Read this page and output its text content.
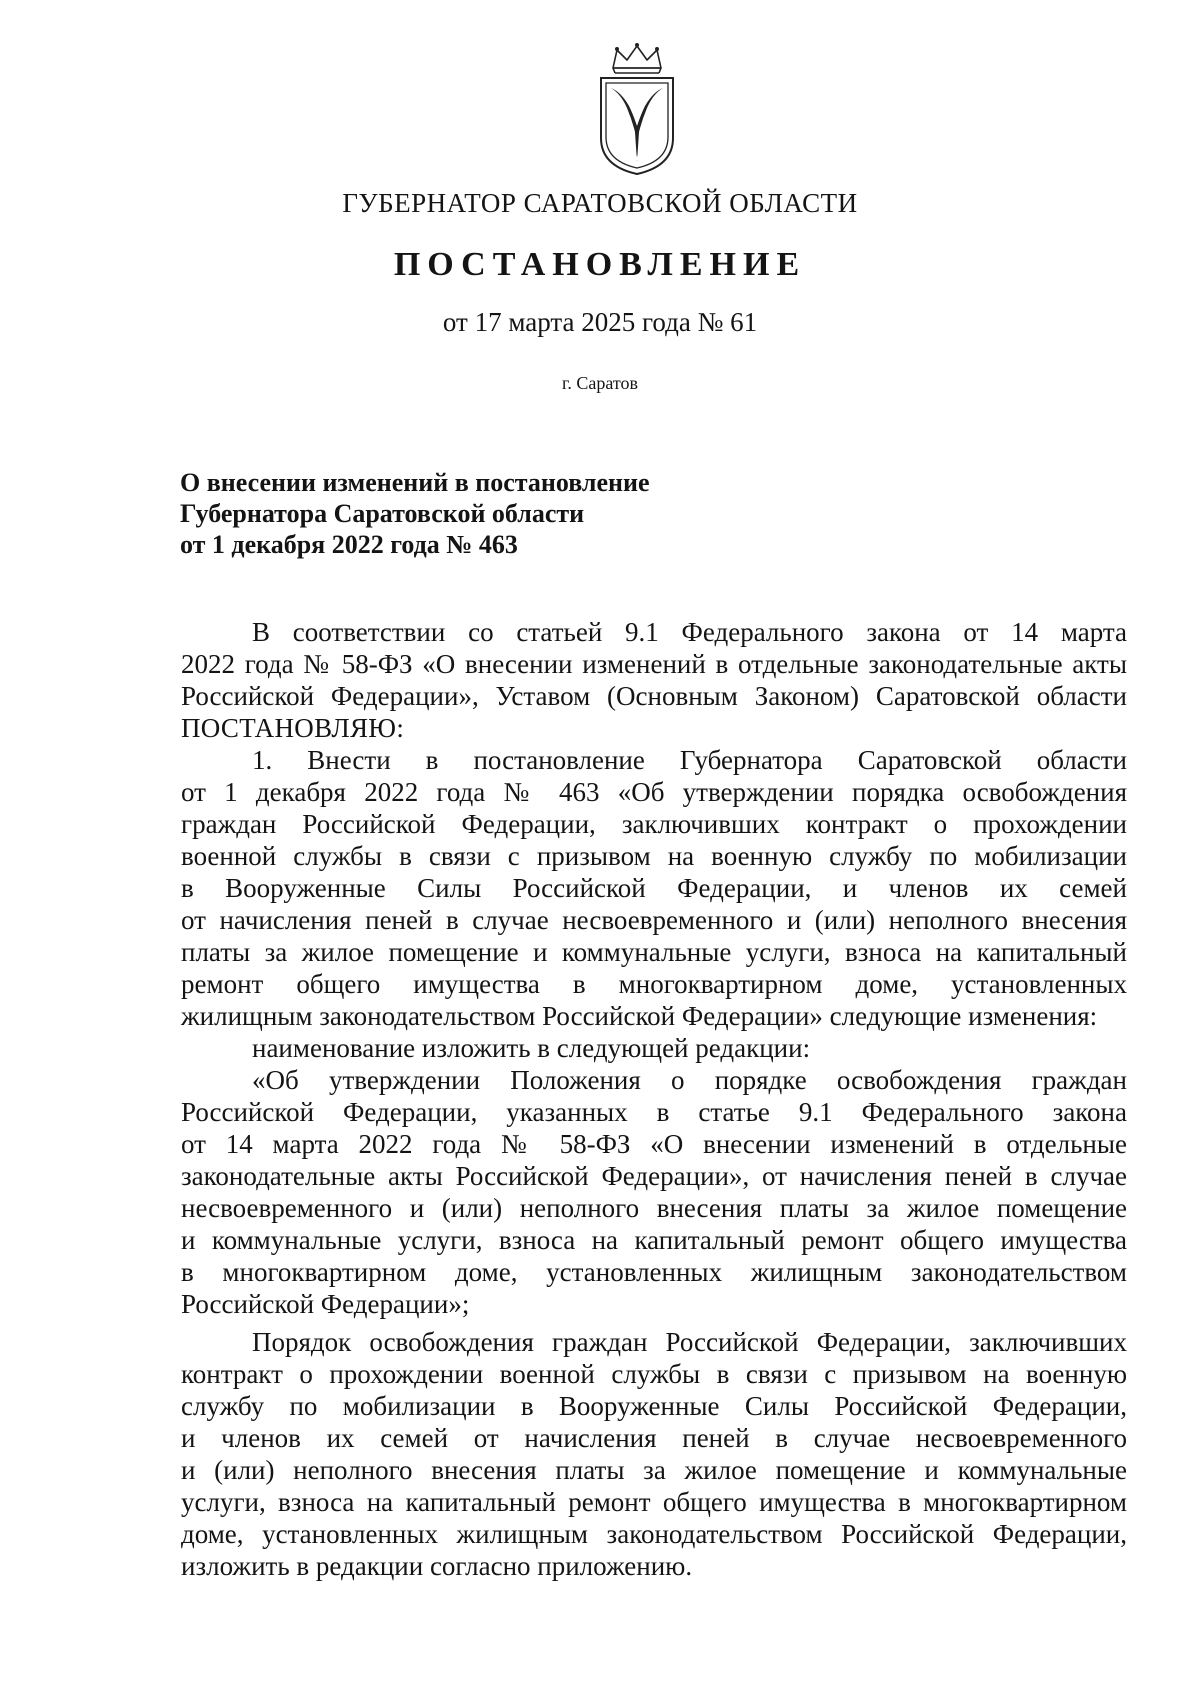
ГУБЕРНАТОР САРАТОВСКОЙ ОБЛАСТИ
ПОСТАНОВЛЕНИЕ
от 17 марта 2025 года № 61
г. Саратов
О внесении изменений в постановление
Губернатора Саратовской области
от 1 декабря 2022 года № 463
В соответствии со статьей 9.1 Федерального закона от 14 марта
2022 года № 58-ФЗ «О внесении изменений в отдельные законодательные акты
Российской Федерации», Уставом (Основным Законом) Саратовской области
ПОСТАНОВЛЯЮ:
1. Внести в постановление Губернатора Саратовской области
от 1 декабря 2022 года № 463 «Об утверждении порядка освобождения
граждан Российской Федерации, заключивших контракт о прохождении
военной службы в связи с призывом на военную службу по мобилизации
в Вооруженные Силы Российской Федерации, и членов их семей
от начисления пеней в случае несвоевременного и (или) неполного внесения
платы за жилое помещение и коммунальные услуги, взноса на капитальный
ремонт общего имущества в многоквартирном доме, установленных
жилищным законодательством Российской Федерации» следующие изменения:
наименование изложить в следующей редакции:
«Об утверждении Положения о порядке освобождения граждан
Российской Федерации, указанных в статье 9.1 Федерального закона
от 14 марта 2022 года № 58-ФЗ «О внесении изменений в отдельные
законодательные акты Российской Федерации», от начисления пеней в случае
несвоевременного и (или) неполного внесения платы за жилое помещение
и коммунальные услуги, взноса на капитальный ремонт общего имущества
в многоквартирном доме, установленных жилищным законодательством
Российской Федерации»;
Порядок освобождения граждан Российской Федерации, заключивших
контракт о прохождении военной службы в связи с призывом на военную
службу по мобилизации в Вооруженные Силы Российской Федерации,
и членов их семей от начисления пеней в случае несвоевременного
и (или) неполного внесения платы за жилое помещение и коммунальные
услуги, взноса на капитальный ремонт общего имущества в многоквартирном
доме, установленных жилищным законодательством Российской Федерации,
изложить в редакции согласно приложению.
